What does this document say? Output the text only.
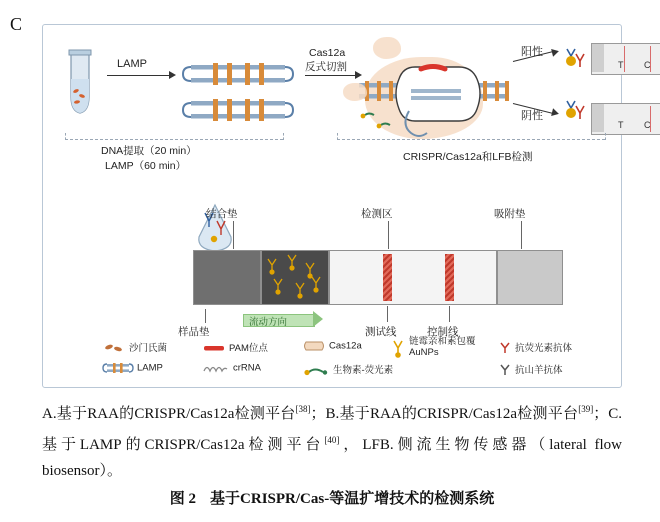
C
LAMP
Cas12a
反式切割
阳性
阴性
T C
T C
DNA提取（20 min）
LAMP（60 min）
CRISPR/Cas12a和LFB检测
结合垫	检测区	吸附垫
样品垫	测试线	控制线
流动方向
沙门氏菌	PAM位点	Cas12a	链霉亲和素包覆
AuNPs	抗荧光素抗体
LAMP	crRNA	生物素-荧光素	抗山羊抗体
A.基于RAA的CRISPR/Cas12a检测平台[38]；B.基于RAA的CRISPR/Cas12a检测平台[39]；C.基于LAMP的CRISPR/Cas12a检测平台[40]，LFB.侧流生物传感器（lateral flow biosensor）。
图 2 基于CRISPR/Cas-等温扩增技术的检测系统
